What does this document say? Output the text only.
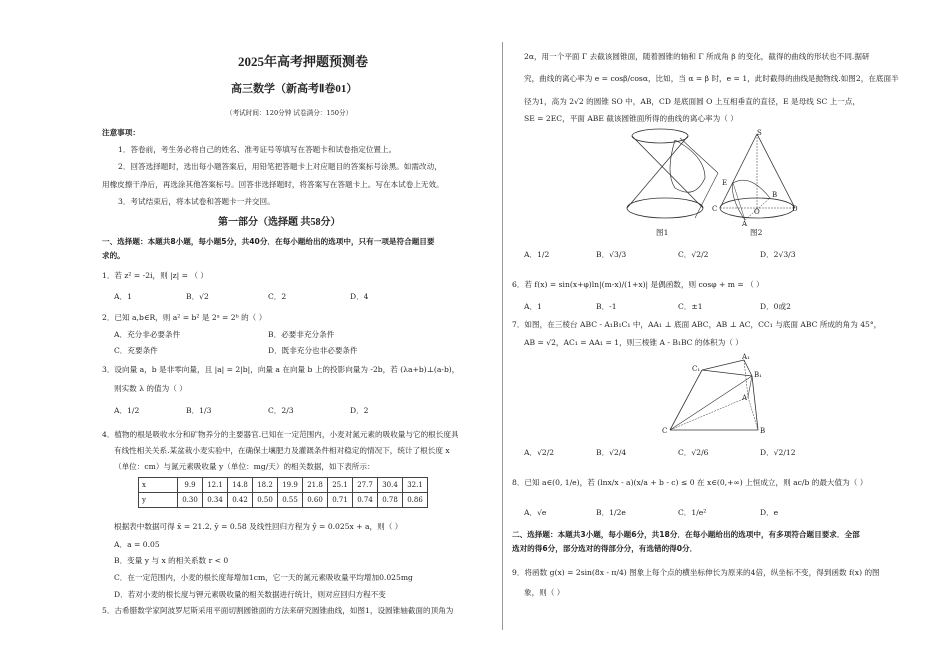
2025年高考押题预测卷
高三数学（新高考Ⅱ卷01）
（考试时间：120分钟 试卷满分：150分）
注意事项：
1．答卷前，考生务必将自己的姓名、准考证号等填写在答题卡和试卷指定位置上。
2．回答选择题时，选出每小题答案后，用铅笔把答题卡上对应题目的答案标号涂黑。如需改动，
用橡皮擦干净后，再选涂其他答案标号。回答非选择题时，将答案写在答题卡上。写在本试卷上无效。
3．考试结束后，将本试卷和答题卡一并交回。
第一部分（选择题 共58分）
一、选择题：本题共8小题，每小题5分，共40分．在每小题给出的选项中，只有一项是符合题目要
求的。
1．若 z² = -2i，则 |z| = （ ）
A．1	B．√2	C．2	D．4
2．已知 a,b∈R，则 a² = b² 是 2ᵃ = 2ᵇ 的（ ）
A．充分非必要条件	B．必要非充分条件
C．充要条件	D．既非充分也非必要条件
3．设向量 a，b 是非零向量，且 |a| = 2|b|，向量 a 在向量 b 上的投影向量为 -2b，若 (λa+b)⊥(a-b)，
则实数 λ 的值为（ ）
A．1/2	B．1/3	C．2/3	D．2
4．植物的根是吸收水分和矿物养分的主要器官.已知在一定范围内，小麦对氮元素的吸收量与它的根长度具
有线性相关关系.某盆栽小麦实验中，在确保土壤肥力及灌溉条件相对稳定的情况下，统计了根长度 x
（单位：cm）与氮元素吸收量 y（单位：mg/天）的相关数据，如下表所示：
x	9.9	12.1	14.8	18.2	19.9	21.8	25.1	27.7	30.4	32.1
y	0.30	0.34	0.42	0.50	0.55	0.60	0.71	0.74	0.78	0.86
根据表中数据可得 x̄ = 21.2, ȳ = 0.58 及线性回归方程为 ŷ = 0.025x + a，则（ ）
A．a = 0.05
B．变量 y 与 x 的相关系数 r < 0
C．在一定范围内，小麦的根长度每增加1cm，它一天的氮元素吸收量平均增加0.025mg
D．若对小麦的根长度与钾元素吸收量的相关数据进行统计，则对应回归方程不变
5．古希腊数学家阿波罗尼斯采用平面切割圆锥面的方法来研究圆锥曲线，如图1，设圆锥轴截面的顶角为
2α，用一个平面 Γ 去截该圆锥面，随着圆锥的轴和 Γ 所成角 β 的变化，截得的曲线的形状也不同.据研
究，曲线的离心率为 e = cosβ/cosα，比如，当 α = β 时，e = 1，此时截得的曲线是抛物线.如图2，在底面半
径为1，高为 2√2 的圆锥 SO 中，AB，CD 是底面圆 O 上互相垂直的直径，E 是母线 SC 上一点，
SE = 2EC，平面 ABE 截该圆锥面所得的曲线的离心率为（ ）
图1
S
E
B
C	O	D
A
图2
A．1/2	B．√3/3	C．√2/2	D．2√3/3
6．若 f(x) = sin(x+φ)ln|(m-x)/(1+x)| 是偶函数，则 cosφ + m = （ ）
A．1	B．-1	C．±1	D．0或2
7．如图，在三棱台 ABC - A₁B₁C₁ 中，AA₁ ⊥ 底面 ABC，AB ⊥ AC，CC₁ 与底面 ABC 所成的角为 45°，
AB = √2，AC₁ = AA₁ = 1，则三棱锥 A - B₁BC 的体积为（ ）
A₁
C₁
B₁
A
C	B
A．√2/2	B．√2/4	C．√2/6	D．√2/12
8．已知 a∈(0, 1/e)，若 (lnx/x - a)(x/a + b - c) ≤ 0 在 x∈(0,+∞) 上恒成立，则 ac/b 的最大值为（ ）
A．√e	B．1/2e	C．1/e²	D．e
二、选择题：本题共3小题，每小题6分，共18分．在每小题给出的选项中，有多项符合题目要求．全部
选对的得6分，部分选对的得部分分，有选错的得0分．
9．将函数 g(x) = 2sin(8x - π/4) 图象上每个点的横坐标伸长为原来的4倍，纵坐标不变，得到函数 f(x) 的图
象，则（ ）
